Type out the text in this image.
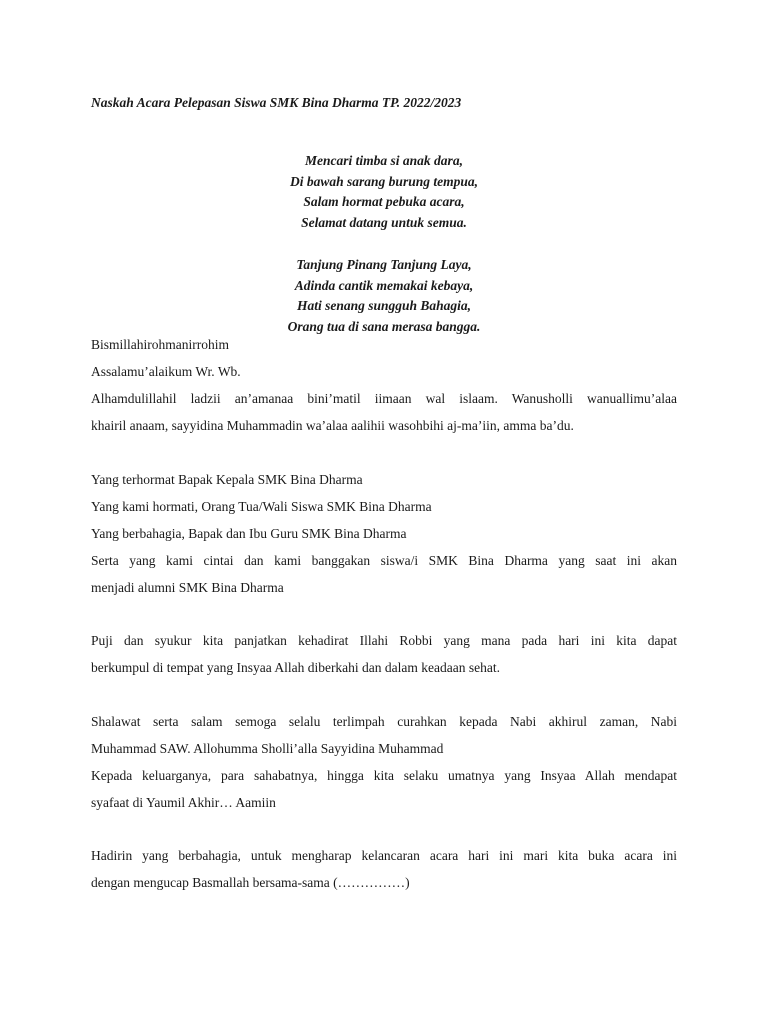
Naskah Acara Pelepasan Siswa SMK Bina Dharma TP. 2022/2023
Mencari timba si anak dara,
Di bawah sarang burung tempua,
Salam hormat pebuka acara,
Selamat datang untuk semua.
Tanjung Pinang Tanjung Laya,
Adinda cantik memakai kebaya,
Hati senang sungguh Bahagia,
Orang tua di sana merasa bangga.
Bismillahirohmanirrohim
Assalamu’alaikum Wr. Wb.
Alhamdulillahil ladzii an’amanaa bini’matil iimaan wal islaam. Wanusholli wanuallimu’alaa
khairil anaam, sayyidina Muhammadin wa’alaa aalihii wasohbihi aj-ma’iin, amma ba’du.
Yang terhormat Bapak Kepala SMK Bina Dharma
Yang kami hormati, Orang Tua/Wali Siswa SMK Bina Dharma
Yang berbahagia, Bapak dan Ibu Guru SMK Bina Dharma
Serta yang kami cintai dan kami banggakan siswa/i SMK Bina Dharma yang saat ini akan
menjadi alumni SMK Bina Dharma
Puji dan syukur kita panjatkan kehadirat Illahi Robbi yang mana pada hari ini kita dapat
berkumpul di tempat yang Insyaa Allah diberkahi dan dalam keadaan sehat.
Shalawat serta salam semoga selalu terlimpah curahkan kepada Nabi akhirul zaman, Nabi
Muhammad SAW. Allohumma Sholli’alla Sayyidina Muhammad
Kepada keluarganya, para sahabatnya, hingga kita selaku umatnya yang Insyaa Allah mendapat
syafaat di Yaumil Akhir… Aamiin
Hadirin yang berbahagia, untuk mengharap kelancaran acara hari ini mari kita buka acara ini
dengan mengucap Basmallah bersama-sama (……………)
